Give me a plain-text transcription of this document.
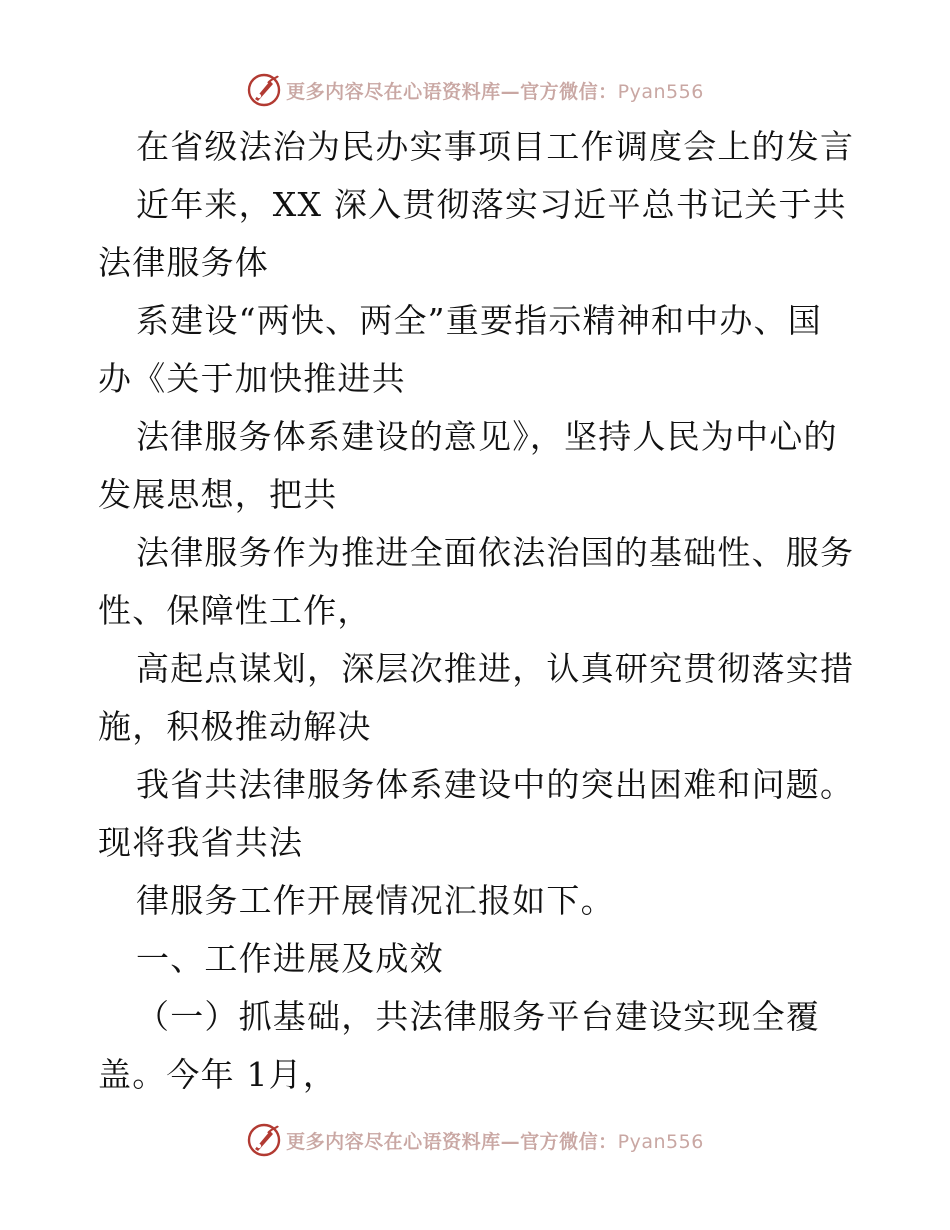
更多内容尽在心语资料库—官方微信：Pyan556
在省级法治为民办实事项目工作调度会上的发言
近年来，XX 深入贯彻落实习近平总书记关于共
法律服务体
系建设“两快、两全”重要指示精神和中办、国
办《关于加快推进共
法律服务体系建设的意见》，坚持人民为中心的
发展思想，把共
法律服务作为推进全面依法治国的基础性、服务
性、保障性工作，
高起点谋划，深层次推进，认真研究贯彻落实措
施，积极推动解决
我省共法律服务体系建设中的突出困难和问题。
现将我省共法
律服务工作开展情况汇报如下。
一、工作进展及成效
（一）抓基础，共法律服务平台建设实现全覆
盖。今年 1月，
更多内容尽在心语资料库—官方微信：Pyan556
